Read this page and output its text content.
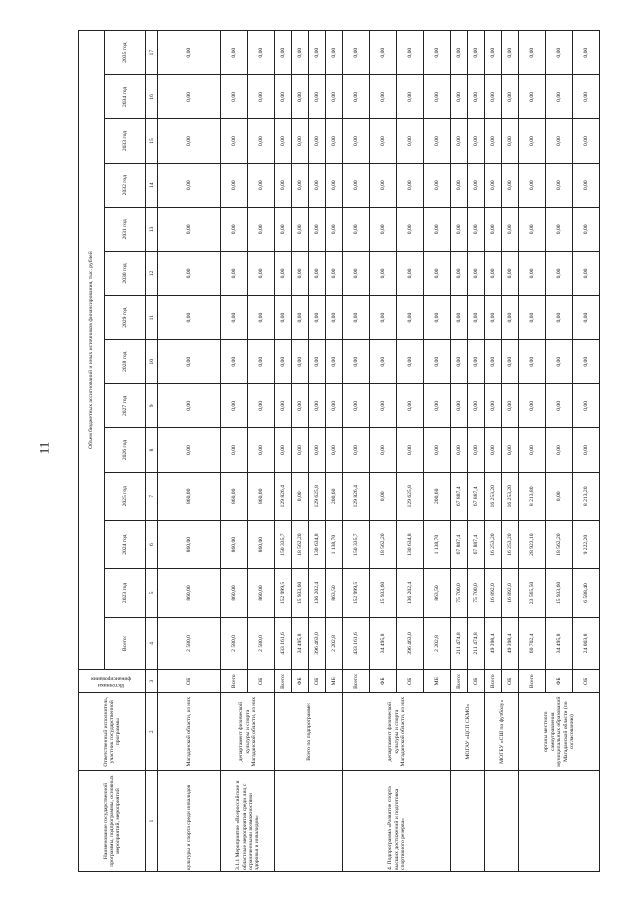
11
Наименование государственной программы, подпрограммы, основных мероприятий, мероприятий	Ответственный исполнитель, участник государственной программы	Источники финансирования	Объем бюджетных ассигнований и иных источников финансирования, тыс. рублей													
			Всего:	2023 год	2024 год	2025 год	2026 год	2027 год	2028 год	2029 год	2030 год	2031 год	2032 год	2033 год	2034 год	2035 год
1	2	3	4	5	6	7	8	9	10	11	12	13	14	15	16	17
культуры и спорта среди инвалидов	Магаданской области, из них	ОБ	2 580,0	860,00	860,00	860,00	0,00	0,00	0,00	0,00	0,00	0,00	0,00	0,00	0,00	0,00
3.1.1 Мероприятие «Всероссийские и областные мероприятия среди лиц с ограниченными возможностями здоровья и инвалидов»	департамент физической культуры и спорта Магаданской области, из них	Всего	2 580,0	860,00	860,00	860,00	0,00	0,00	0,00	0,00	0,00	0,00	0,00	0,00	0,00	0,00
		ОБ	2 580,0	860,00	860,00	860,00	0,00	0,00	0,00	0,00	0,00	0,00	0,00	0,00	0,00	0,00
	Всего по подпрограмме:	Всего:	433 161,6	152 999,5	150 335,7	129 826,4	0,00	0,00	0,00	0,00	0,00	0,00	0,00	0,00	0,00	0,00
		ФБ	34 495,8	15 933,60	18 562,20	0,00	0,00	0,00	0,00	0,00	0,00	0,00	0,00	0,00	0,00	0,00
		ОБ	396 463,0	136 202,4	130 634,8	129 625,8	0,00	0,00	0,00	0,00	0,00	0,00	0,00	0,00	0,00	0,00
		МБ	2 202,8	863,50	1 138,70	200,60	0,00	0,00	0,00	0,00	0,00	0,00	0,00	0,00	0,00	0,00
4. Подпрограмма «Развитие спорта высших достижений и подготовка спортивного резерва»	департамент физической культуры и спорта Магаданской области, из них	Всего:	433 161,6	152 999,5	150 335,7	129 826,4	0,00	0,00	0,00	0,00	0,00	0,00	0,00	0,00	0,00	0,00
		ФБ	34 495,8	15 933,60	18 562,20	0,00	0,00	0,00	0,00	0,00	0,00	0,00	0,00	0,00	0,00	0,00
		ОБ	396 463,0	136 202,4	130 634,8	129 625,8	0,00	0,00	0,00	0,00	0,00	0,00	0,00	0,00	0,00	0,00
		МБ	2 202,8	863,50	1 138,70	200,60	0,00	0,00	0,00	0,00	0,00	0,00	0,00	0,00	0,00	0,00
	МОГАУ «ЦСП СКМО»	Всего:	211 474,8	75 700,0	67 887,4	67 887,4	0,00	0,00	0,00	0,00	0,00	0,00	0,00	0,00	0,00	0,00
		ОБ	211 474,8	75 700,0	67 887,4	67 887,4	0,00	0,00	0,00	0,00	0,00	0,00	0,00	0,00	0,00	0,00
	МОГБУ «СШ по футболу»	Всего	49 398,4	16 892,0	16 253,20	16 253,20	0,00	0,00	0,00	0,00	0,00	0,00	0,00	0,00	0,00	0,00
		ОБ	49 398,4	16 892,0	16 253,20	16 253,20	0,00	0,00	0,00	0,00	0,00	0,00	0,00	0,00	0,00	0,00
	органы местного самоуправления муниципальных образований Магаданской области (по согласованию)	Всего	60 702,4	23 565,50	28 923,10	8 213,80	0,00	0,00	0,00	0,00	0,00	0,00	0,00	0,00	0,00	0,00
		ФБ	34 495,8	15 933,60	18 562,20	0,00	0,00	0,00	0,00	0,00	0,00	0,00	0,00	0,00	0,00	0,00
		ОБ	24 003,8	6 588,40	9 222,20	8 213,20	0,00	0,00	0,00	0,00	0,00	0,00	0,00	0,00	0,00	0,00
